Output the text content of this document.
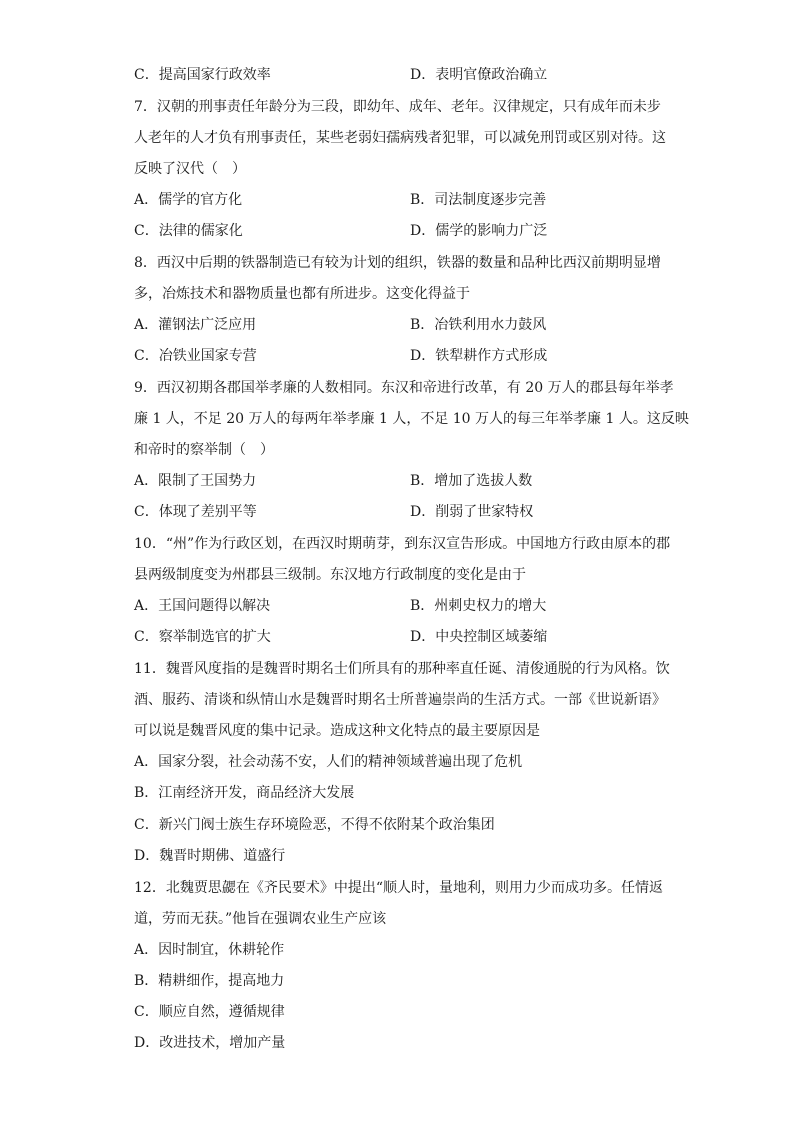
C．提高国家行政效率	D．表明官僚政治确立
7．汉朝的刑事责任年龄分为三段，即幼年、成年、老年。汉律规定，只有成年而未步
人老年的人才负有刑事责任，某些老弱妇孺病残者犯罪，可以减免刑罚或区别对待。这
反映了汉代（　）
A．儒学的官方化	B．司法制度逐步完善
C．法律的儒家化	D．儒学的影响力广泛
8．西汉中后期的铁器制造已有较为计划的组织，铁器的数量和品种比西汉前期明显增
多，冶炼技术和器物质量也都有所进步。这变化得益于
A．灌钢法广泛应用	B．冶铁利用水力鼓风
C．冶铁业国家专营	D．铁犁耕作方式形成
9．西汉初期各郡国举孝廉的人数相同。东汉和帝进行改革，有 20 万人的郡县每年举孝
廉 1 人，不足 20 万人的每两年举孝廉 1 人，不足 10 万人的每三年举孝廉 1 人。这反映
和帝时的察举制（　）
A．限制了王国势力	B．增加了选拔人数
C．体现了差别平等	D．削弱了世家特权
10．“州”作为行政区划，在西汉时期萌芽，到东汉宣告形成。中国地方行政由原本的郡
县两级制度变为州郡县三级制。东汉地方行政制度的变化是由于
A．王国问题得以解决	B．州刺史权力的增大
C．察举制选官的扩大	D．中央控制区域萎缩
11．魏晋风度指的是魏晋时期名士们所具有的那种率直任诞、清俊通脱的行为风格。饮
酒、服药、清谈和纵情山水是魏晋时期名士所普遍崇尚的生活方式。一部《世说新语》
可以说是魏晋风度的集中记录。造成这种文化特点的最主要原因是
A．国家分裂，社会动荡不安，人们的精神领域普遍出现了危机
B．江南经济开发，商品经济大发展
C．新兴门阀士族生存环境险恶，不得不依附某个政治集团
D．魏晋时期佛、道盛行
12．北魏贾思勰在《齐民要术》中提出“顺人时，量地利，则用力少而成功多。任情返
道，劳而无获。”他旨在强调农业生产应该
A．因时制宜，休耕轮作
B．精耕细作，提高地力
C．顺应自然，遵循规律
D．改进技术，增加产量
